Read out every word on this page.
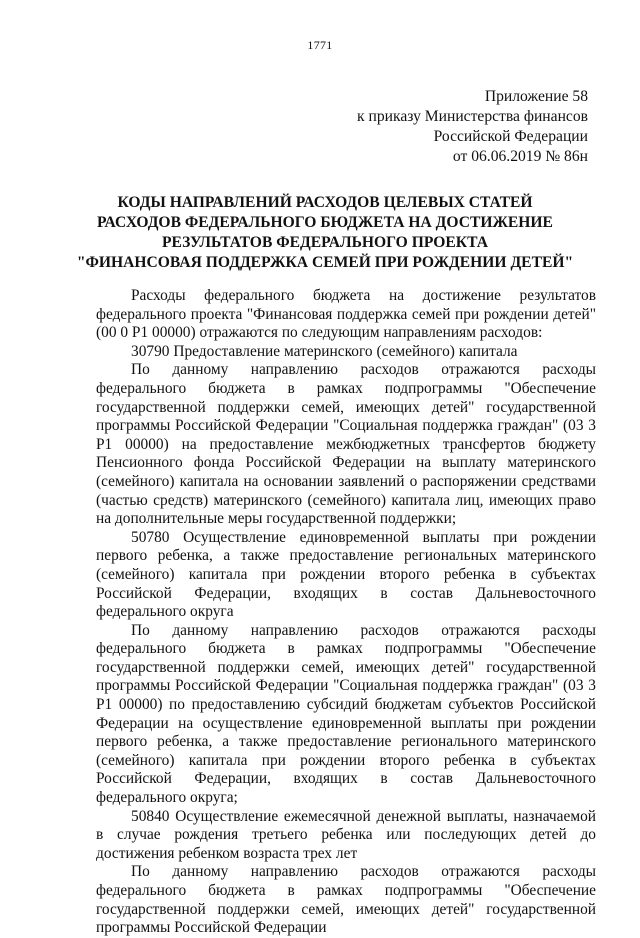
1771
Приложение 58
к приказу Министерства финансов
Российской Федерации
от 06.06.2019 № 86н
КОДЫ НАПРАВЛЕНИЙ РАСХОДОВ ЦЕЛЕВЫХ СТАТЕЙ
РАСХОДОВ ФЕДЕРАЛЬНОГО БЮДЖЕТА НА ДОСТИЖЕНИЕ
РЕЗУЛЬТАТОВ ФЕДЕРАЛЬНОГО ПРОЕКТА
"ФИНАНСОВАЯ ПОДДЕРЖКА СЕМЕЙ ПРИ РОЖДЕНИИ ДЕТЕЙ"

Расходы федерального бюджета на достижение результатов федерального проекта "Финансовая поддержка семей при рождении детей" (00 0 Р1 00000) отражаются по следующим направлениям расходов:

30790 Предоставление материнского (семейного) капитала

По данному направлению расходов отражаются расходы федерального бюджета в рамках подпрограммы "Обеспечение государственной поддержки семей, имеющих детей" государственной программы Российской Федерации "Социальная поддержка граждан" (03 3 Р1 00000) на предоставление межбюджетных трансфертов бюджету Пенсионного фонда Российской Федерации на выплату материнского (семейного) капитала на основании заявлений о распоряжении средствами (частью средств) материнского (семейного) капитала лиц, имеющих право на дополнительные меры государственной поддержки;

50780 Осуществление единовременной выплаты при рождении первого ребенка, а также предоставление региональных материнского (семейного) капитала при рождении второго ребенка в субъектах Российской Федерации, входящих в состав Дальневосточного федерального округа

По данному направлению расходов отражаются расходы федерального бюджета в рамках подпрограммы "Обеспечение государственной поддержки семей, имеющих детей" государственной программы Российской Федерации "Социальная поддержка граждан" (03 3 Р1 00000) по предоставлению субсидий бюджетам субъектов Российской Федерации на осуществление единовременной выплаты при рождении первого ребенка, а также предоставление регионального материнского (семейного) капитала при рождении второго ребенка в субъектах Российской Федерации, входящих в состав Дальневосточного федерального округа;

50840 Осуществление ежемесячной денежной выплаты, назначаемой в случае рождения третьего ребенка или последующих детей до достижения ребенком возраста трех лет

По данному направлению расходов отражаются расходы федерального бюджета в рамках подпрограммы "Обеспечение государственной поддержки семей, имеющих детей" государственной программы Российской Федерации
